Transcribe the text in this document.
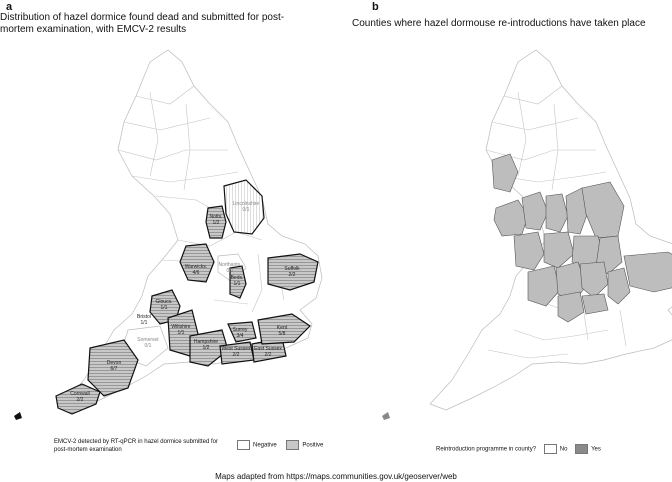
a
Distribution of hazel dormice found dead and submitted for post-mortem examination, with EMCV-2 results
b
Counties where hazel dormouse re-introductions have taken place
Lincolnshire
0/1
Notts.
1/2
Northants.
0/1
Warwicks.
4/6
Beds.
1/1
Suffolk
2/2
Gloucs.
1/1
Bristol
1/1
Wiltshire
1/1
Somerset
0/1
Surrey
3/4
Kent
5/8
Hampshire
1/2 West Sussex
2/2
East Sussex
2/2
Devon
6/7
Cornwall
2/2
EMCV-2 detected by RT-qPCR in hazel dormice submitted for post-mortem examination
Negative	Positive
Reintroduction programme in county?	No	Yes
Maps adapted from https://maps.communities.gov.uk/geoserver/web
